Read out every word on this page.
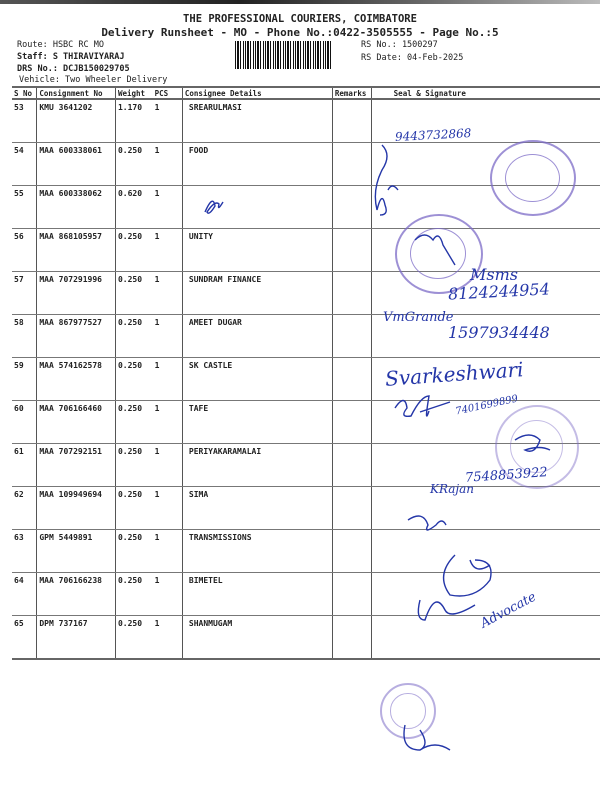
THE PROFESSIONAL COURIERS, COIMBATORE
Delivery Runsheet - MO - Phone No.:0422-3505555 - Page No.:5
Route: HSBC RC MO
Staff: S THIRAVIYARAJ
DRS No.: DCJB150029705
Vehicle: Two Wheeler Delivery
RS No.: 1500297
RS Date: 04-Feb-2025
S No	Consignment No	Weight	PCS	Consignee Details	Remarks	Seal & Signature
53	KMU 3641202	1.170	1	SREARULMASI		
54	MAA 600338061	0.250	1	FOOD		
55	MAA 600338062	0.620	1			
56	MAA 868105957	0.250	1	UNITY		
57	MAA 707291996	0.250	1	SUNDRAM FINANCE		
58	MAA 867977527	0.250	1	AMEET DUGAR		
59	MAA 574162578	0.250	1	SK CASTLE		
60	MAA 706166460	0.250	1	TAFE		
61	MAA 707292151	0.250	1	PERIYAKARAMALAI		
62	MAA 109949694	0.250	1	SIMA		
63	GPM 5449891	0.250	1	TRANSMISSIONS		
64	MAA 706166238	0.250	1	BIMETEL		
65	DPM 737167	0.250	1	SHANMUGAM		
9443732868
Msms
8124244954
VmGrande
1597934448
Svarkeshwari
7401699899
7548853922
KRajan
Advocate
